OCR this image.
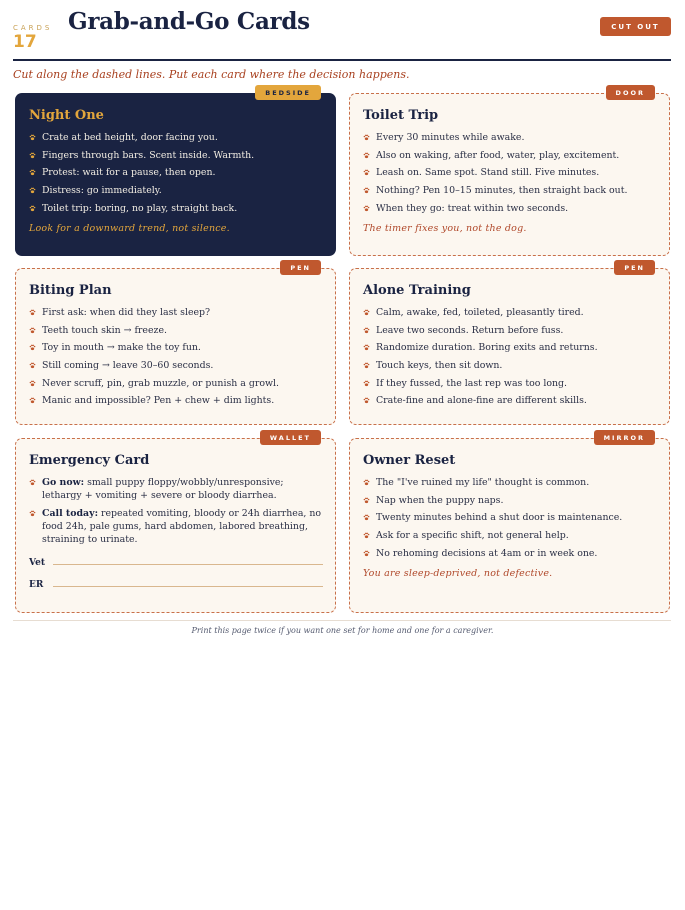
CARDS
17
Grab-and-Go Cards	CUT OUT
Cut along the dashed lines. Put each card where the decision happens.
BEDSIDE
Night One
Crate at bed height, door facing you.
Fingers through bars. Scent inside. Warmth.
Protest: wait for a pause, then open.
Distress: go immediately.
Toilet trip: boring, no play, straight back.
Look for a downward trend, not silence.
DOOR
Toilet Trip
Every 30 minutes while awake.
Also on waking, after food, water, play, excitement.
Leash on. Same spot. Stand still. Five minutes.
Nothing? Pen 10–15 minutes, then straight back out.
When they go: treat within two seconds.
The timer fixes you, not the dog.
PEN
Biting Plan
First ask: when did they last sleep?
Teeth touch skin → freeze.
Toy in mouth → make the toy fun.
Still coming → leave 30–60 seconds.
Never scruff, pin, grab muzzle, or punish a growl.
Manic and impossible? Pen + chew + dim lights.
PEN
Alone Training
Calm, awake, fed, toileted, pleasantly tired.
Leave two seconds. Return before fuss.
Randomize duration. Boring exits and returns.
Touch keys, then sit down.
If they fussed, the last rep was too long.
Crate-fine and alone-fine are different skills.
WALLET
Emergency Card
Go now: small puppy floppy/wobbly/unresponsive; lethargy + vomiting + severe or bloody diarrhea.
Call today: repeated vomiting, bloody or 24h diarrhea, no food 24h, pale gums, hard abdomen, labored breathing, straining to urinate.
Vet
ER
MIRROR
Owner Reset
The "I've ruined my life" thought is common.
Nap when the puppy naps.
Twenty minutes behind a shut door is maintenance.
Ask for a specific shift, not general help.
No rehoming decisions at 4am or in week one.
You are sleep-deprived, not defective.
Print this page twice if you want one set for home and one for a caregiver.
